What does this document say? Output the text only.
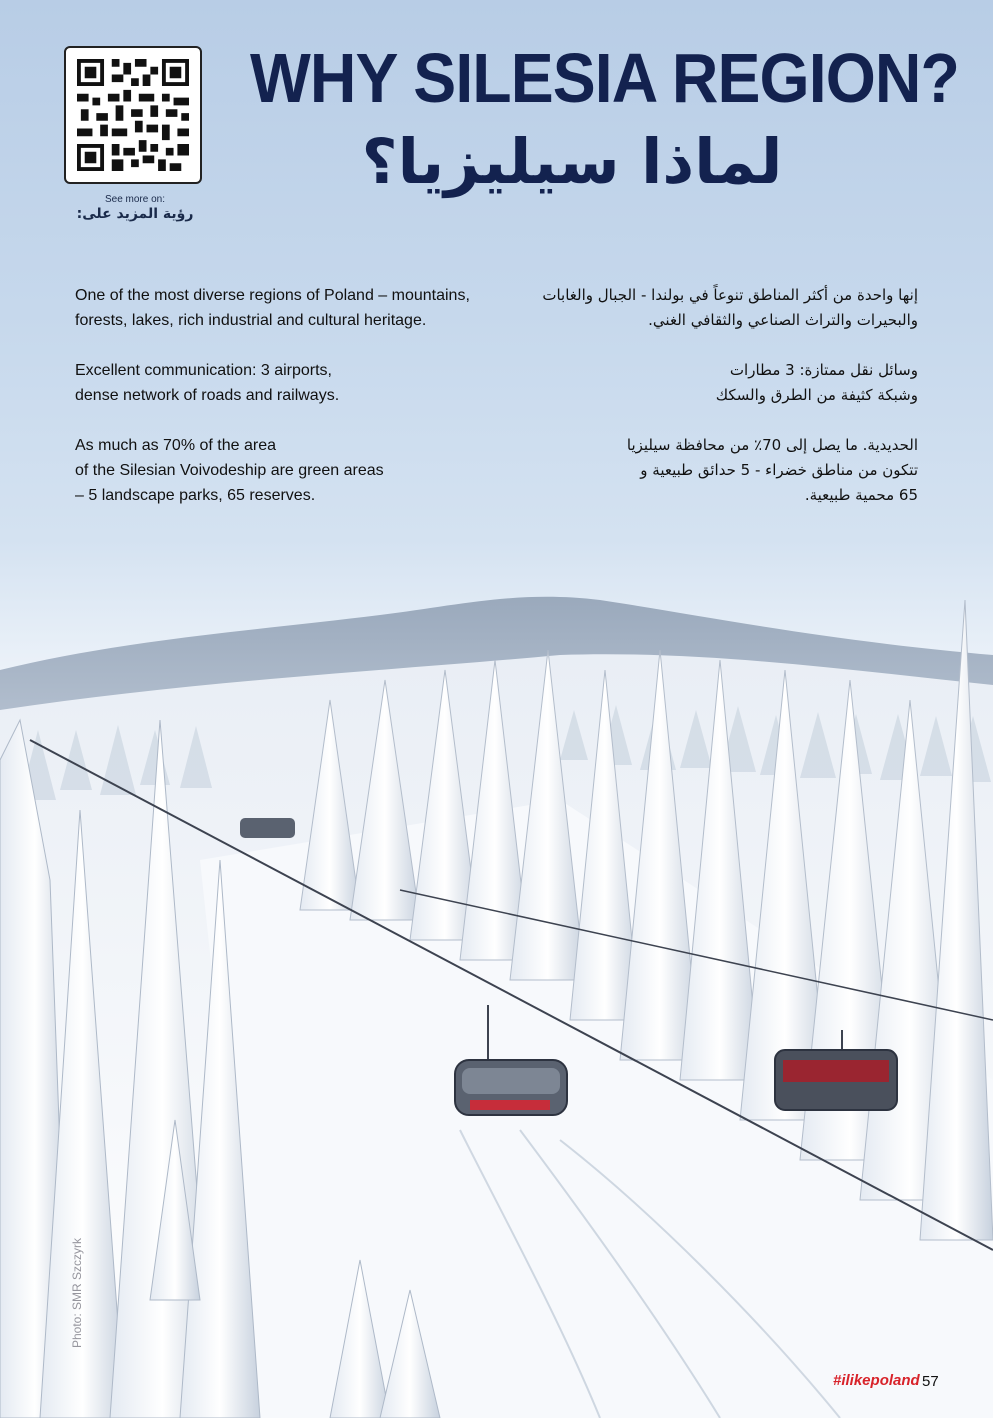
See more on:
رؤية المزيد على:
WHY SILESIA REGION?
لماذا سيليزيا؟
One of the most diverse regions of Poland – mountains,
forests, lakes, rich industrial and cultural heritage.
Excellent communication: 3 airports,
dense network of roads and railways.
As much as 70% of the area
of the Silesian Voivodeship are green areas
– 5 landscape parks, 65 reserves.
إنها واحدة من أكثر المناطق تنوعاً في بولندا - الجبال والغابات
والبحيرات والتراث الصناعي والثقافي الغني.
وسائل نقل ممتازة: 3 مطارات
وشبكة كثيفة من الطرق والسكك
الحديدية. ما يصل إلى 70٪ من محافظة سيليزيا
تتكون من مناطق خضراء - 5 حدائق طبيعية و
65 محمية طبيعية.
Photo: SMR Szczyrk
#ilikepoland 57
